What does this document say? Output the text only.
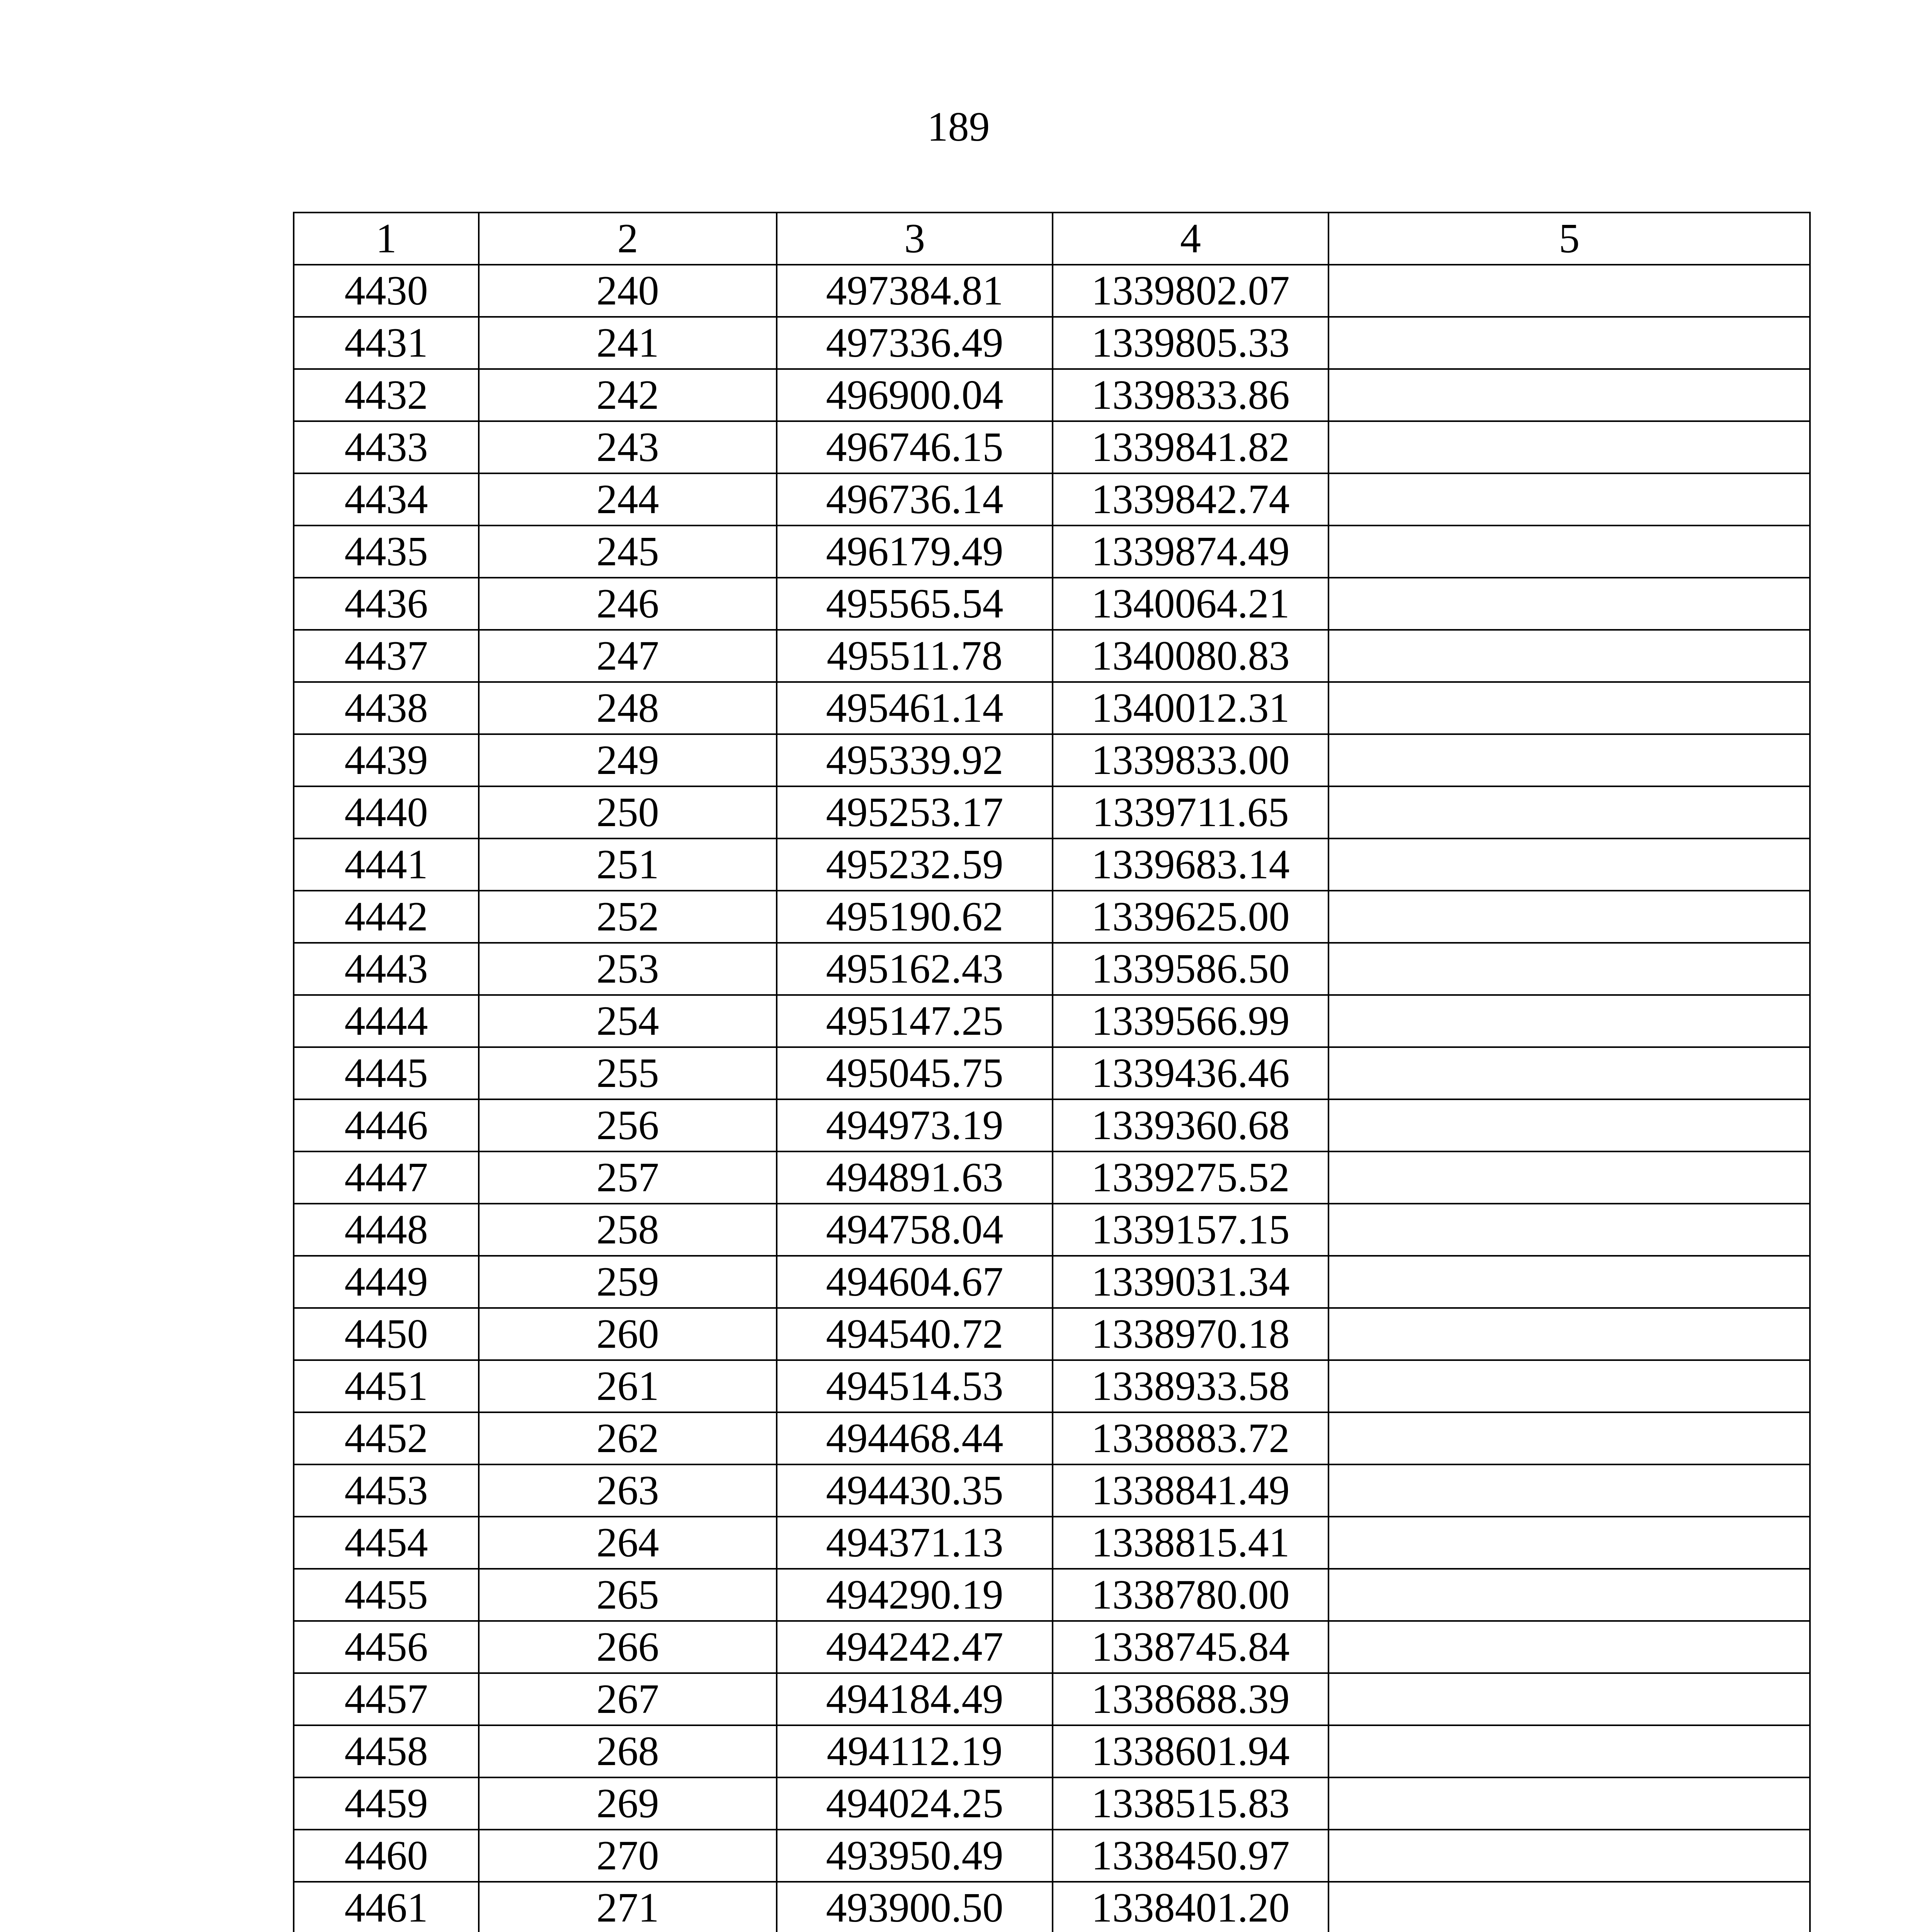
189
1	2	3	4	5
4430	240	497384.81	1339802.07	
4431	241	497336.49	1339805.33	
4432	242	496900.04	1339833.86	
4433	243	496746.15	1339841.82	
4434	244	496736.14	1339842.74	
4435	245	496179.49	1339874.49	
4436	246	495565.54	1340064.21	
4437	247	495511.78	1340080.83	
4438	248	495461.14	1340012.31	
4439	249	495339.92	1339833.00	
4440	250	495253.17	1339711.65	
4441	251	495232.59	1339683.14	
4442	252	495190.62	1339625.00	
4443	253	495162.43	1339586.50	
4444	254	495147.25	1339566.99	
4445	255	495045.75	1339436.46	
4446	256	494973.19	1339360.68	
4447	257	494891.63	1339275.52	
4448	258	494758.04	1339157.15	
4449	259	494604.67	1339031.34	
4450	260	494540.72	1338970.18	
4451	261	494514.53	1338933.58	
4452	262	494468.44	1338883.72	
4453	263	494430.35	1338841.49	
4454	264	494371.13	1338815.41	
4455	265	494290.19	1338780.00	
4456	266	494242.47	1338745.84	
4457	267	494184.49	1338688.39	
4458	268	494112.19	1338601.94	
4459	269	494024.25	1338515.83	
4460	270	493950.49	1338450.97	
4461	271	493900.50	1338401.20	
